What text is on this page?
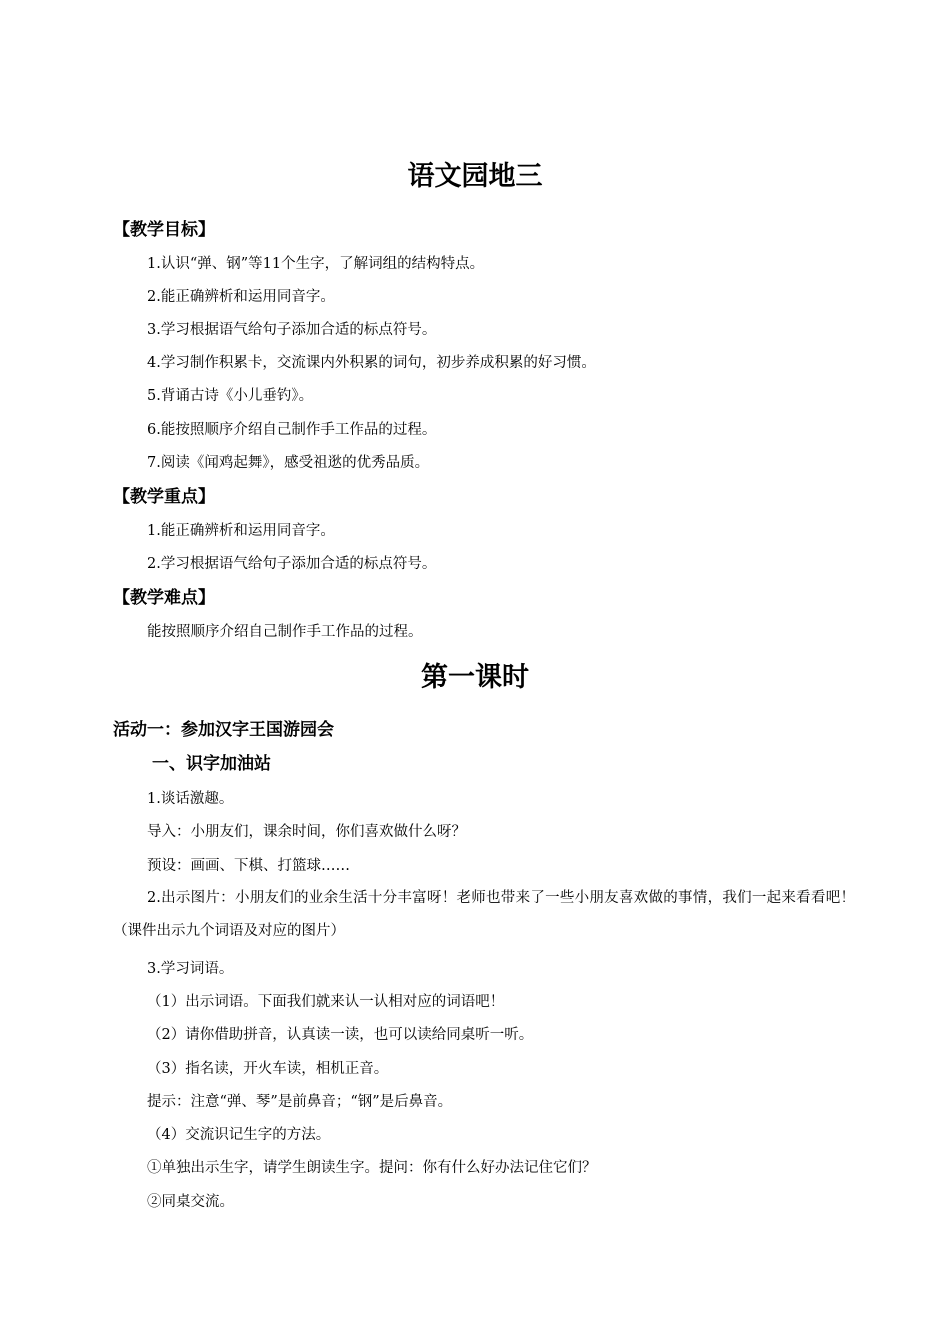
语文园地三
【教学目标】

1.认识“弹、钢”等11个生字，了解词组的结构特点。

2.能正确辨析和运用同音字。

3.学习根据语气给句子添加合适的标点符号。

4.学习制作积累卡，交流课内外积累的词句，初步养成积累的好习惯。

5.背诵古诗《小儿垂钓》。

6.能按照顺序介绍自己制作手工作品的过程。

7.阅读《闻鸡起舞》，感受祖逖的优秀品质。

【教学重点】

1.能正确辨析和运用同音字。

2.学习根据语气给句子添加合适的标点符号。

【教学难点】

能按照顺序介绍自己制作手工作品的过程。

第一课时
活动一：参加汉字王国游园会
一、识字加油站

1.谈话激趣。

导入：小朋友们，课余时间，你们喜欢做什么呀？

预设：画画、下棋、打篮球……

2.出示图片：小朋友们的业余生活十分丰富呀！老师也带来了一些小朋友喜欢做的事情，我们一起来看看吧！（课件出示九个词语及对应的图片）

3.学习词语。

（1）出示词语。下面我们就来认一认相对应的词语吧！

（2）请你借助拼音，认真读一读，也可以读给同桌听一听。

（3）指名读，开火车读，相机正音。

提示：注意“弹、琴”是前鼻音；“钢”是后鼻音。

（4）交流识记生字的方法。

①单独出示生字，请学生朗读生字。提问：你有什么好办法记住它们？

②同桌交流。
